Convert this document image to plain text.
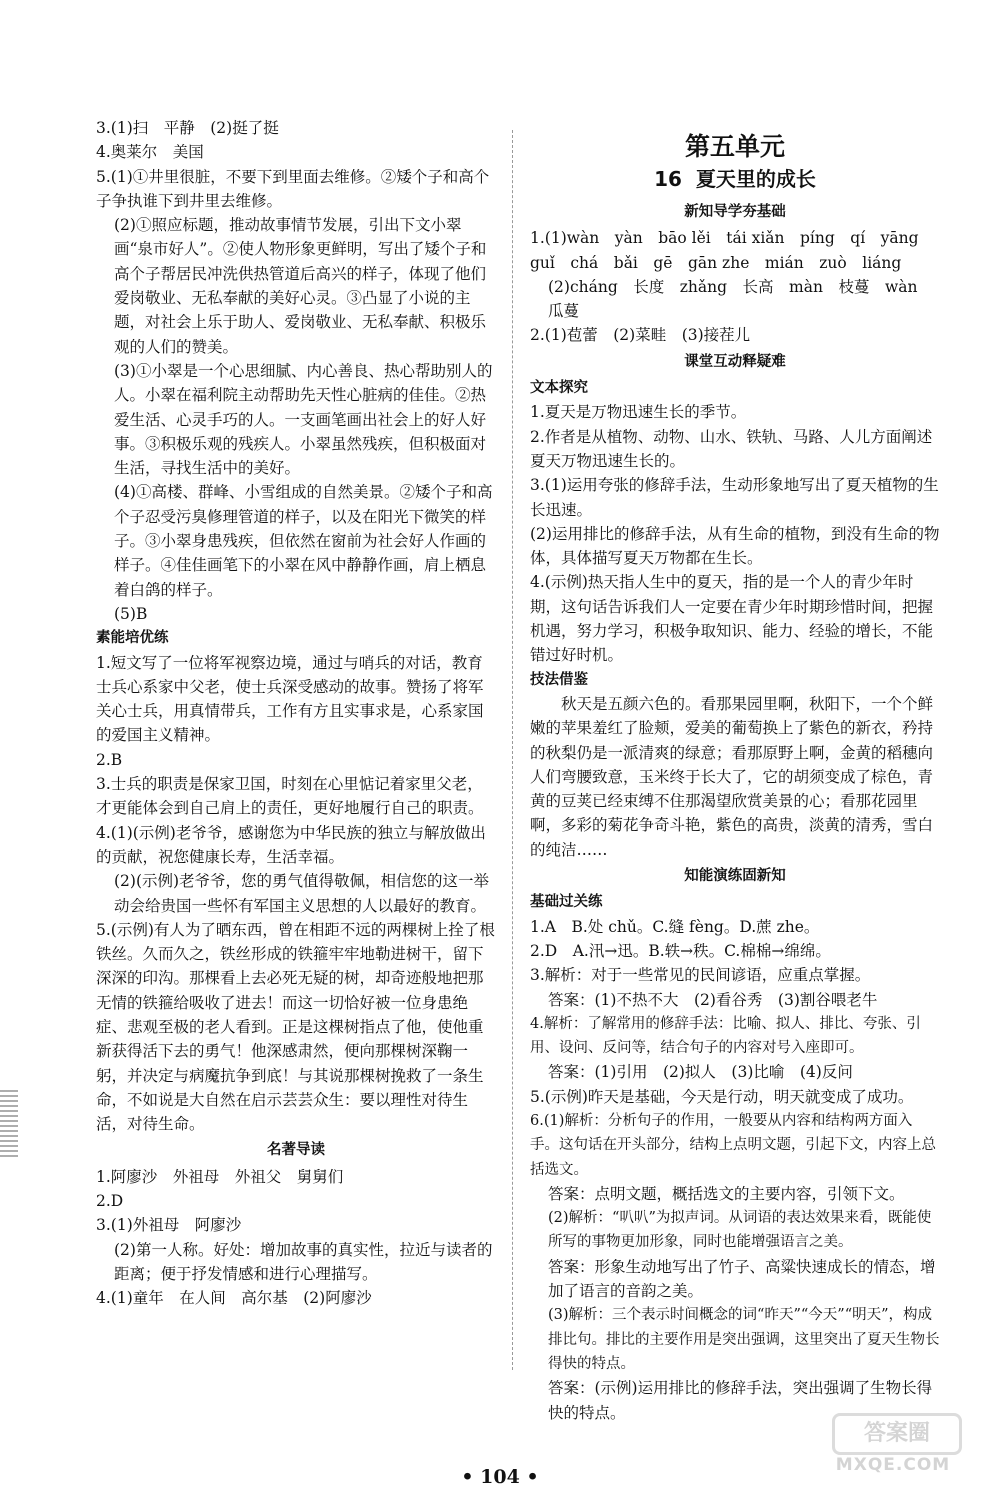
3.(1)扫　平静　(2)挺了挺

4.奥莱尔　美国

5.(1)①井里很脏，不要下到里面去维修。②矮个子和高个子争执谁下到井里去维修。

(2)①照应标题，推动故事情节发展，引出下文小翠画“泉市好人”。②使人物形象更鲜明，写出了矮个子和高个子帮居民冲洗供热管道后高兴的样子，体现了他们爱岗敬业、无私奉献的美好心灵。③凸显了小说的主题，对社会上乐于助人、爱岗敬业、无私奉献、积极乐观的人们的赞美。

(3)①小翠是一个心思细腻、内心善良、热心帮助别人的人。小翠在福利院主动帮助先天性心脏病的佳佳。②热爱生活、心灵手巧的人。一支画笔画出社会上的好人好事。③积极乐观的残疾人。小翠虽然残疾，但积极面对生活，寻找生活中的美好。

(4)①高楼、群峰、小雪组成的自然美景。②矮个子和高个子忍受污臭修理管道的样子，以及在阳光下微笑的样子。③小翠身患残疾，但依然在窗前为社会好人作画的样子。④佳佳画笔下的小翠在风中静静作画，肩上栖息着白鸽的样子。

(5)B

素能培优练

1.短文写了一位将军视察边境，通过与哨兵的对话，教育士兵心系家中父老，使士兵深受感动的故事。赞扬了将军关心士兵，用真情带兵，工作有方且实事求是，心系家国的爱国主义精神。

2.B

3.士兵的职责是保家卫国，时刻在心里惦记着家里父老，才更能体会到自己肩上的责任，更好地履行自己的职责。

4.(1)(示例)老爷爷，感谢您为中华民族的独立与解放做出的贡献，祝您健康长寿，生活幸福。

(2)(示例)老爷爷，您的勇气值得敬佩，相信您的这一举动会给贵国一些怀有军国主义思想的人以最好的教育。

5.(示例)有人为了晒东西，曾在相距不远的两棵树上拴了根铁丝。久而久之，铁丝形成的铁箍牢牢地勒进树干，留下深深的印沟。那棵看上去必死无疑的树，却奇迹般地把那无情的铁箍给吸收了进去！而这一切恰好被一位身患绝症、悲观至极的老人看到。正是这棵树指点了他，使他重新获得活下去的勇气！他深感肃然，便向那棵树深鞠一躬，并决定与病魔抗争到底！与其说那棵树挽救了一条生命，不如说是大自然在启示芸芸众生：要以理性对待生活，对待生命。

名著导读

1.阿廖沙　外祖母　外祖父　舅舅们

2.D

3.(1)外祖母　阿廖沙

(2)第一人称。好处：增加故事的真实性，拉近与读者的距离；便于抒发情感和进行心理描写。

4.(1)童年　在人间　高尔基　(2)阿廖沙

第五单元
16 夏天里的成长

新知导学夯基础

1.(1)wàn　yàn　bāo lěi　tái xiǎn　píng　qí　yāng　guǐ　chá　bǎi　gē　gān zhe　mián　zuò　liáng

(2)cháng　长度　zhǎng　长高　màn　枝蔓　wàn　瓜蔓

2.(1)苞蕾　(2)菜畦　(3)接茬儿

课堂互动释疑难

文本探究

1.夏天是万物迅速生长的季节。

2.作者是从植物、动物、山水、铁轨、马路、人儿方面阐述夏天万物迅速生长的。

3.(1)运用夸张的修辞手法，生动形象地写出了夏天植物的生长迅速。

(2)运用排比的修辞手法，从有生命的植物，到没有生命的物体，具体描写夏天万物都在生长。

4.(示例)热天指人生中的夏天，指的是一个人的青少年时期，这句话告诉我们人一定要在青少年时期珍惜时间，把握机遇，努力学习，积极争取知识、能力、经验的增长，不能错过好时机。

技法借鉴

　　秋天是五颜六色的。看那果园里啊，秋阳下，一个个鲜嫩的苹果羞红了脸颊，爱美的葡萄换上了紫色的新衣，矜持的秋梨仍是一派清爽的绿意；看那原野上啊，金黄的稻穗向人们弯腰致意，玉米终于长大了，它的胡须变成了棕色，青黄的豆荚已经束缚不住那渴望欣赏美景的心；看那花园里啊，多彩的菊花争奇斗艳，紫色的高贵，淡黄的清秀，雪白的纯洁……

知能演练固新知

基础过关练

1.A　B.处 chǔ。C.缝 fèng。D.蔗 zhe。

2.D　A.汛→迅。B.轶→秩。C.棉棉→绵绵。

3.解析：对于一些常见的民间谚语，应重点掌握。

答案：(1)不热不大　(2)看谷秀　(3)割谷喂老牛

4.解析：了解常用的修辞手法：比喻、拟人、排比、夸张、引用、设问、反问等，结合句子的内容对号入座即可。

答案：(1)引用　(2)拟人　(3)比喻　(4)反问

5.(示例)昨天是基础，今天是行动，明天就变成了成功。

6.(1)解析：分析句子的作用，一般要从内容和结构两方面入手。这句话在开头部分，结构上点明文题，引起下文，内容上总括选文。

答案：点明文题，概括选文的主要内容，引领下文。

(2)解析：“叭叭”为拟声词。从词语的表达效果来看，既能使所写的事物更加形象，同时也能增强语言之美。

答案：形象生动地写出了竹子、高粱快速成长的情态，增加了语言的音韵之美。

(3)解析：三个表示时间概念的词“昨天”“今天”“明天”，构成排比句。排比的主要作用是突出强调，这里突出了夏天生物长得快的特点。

答案：(示例)运用排比的修辞手法，突出强调了生物长得快的特点。

• 104 •
答案圈
MXQE.COM
